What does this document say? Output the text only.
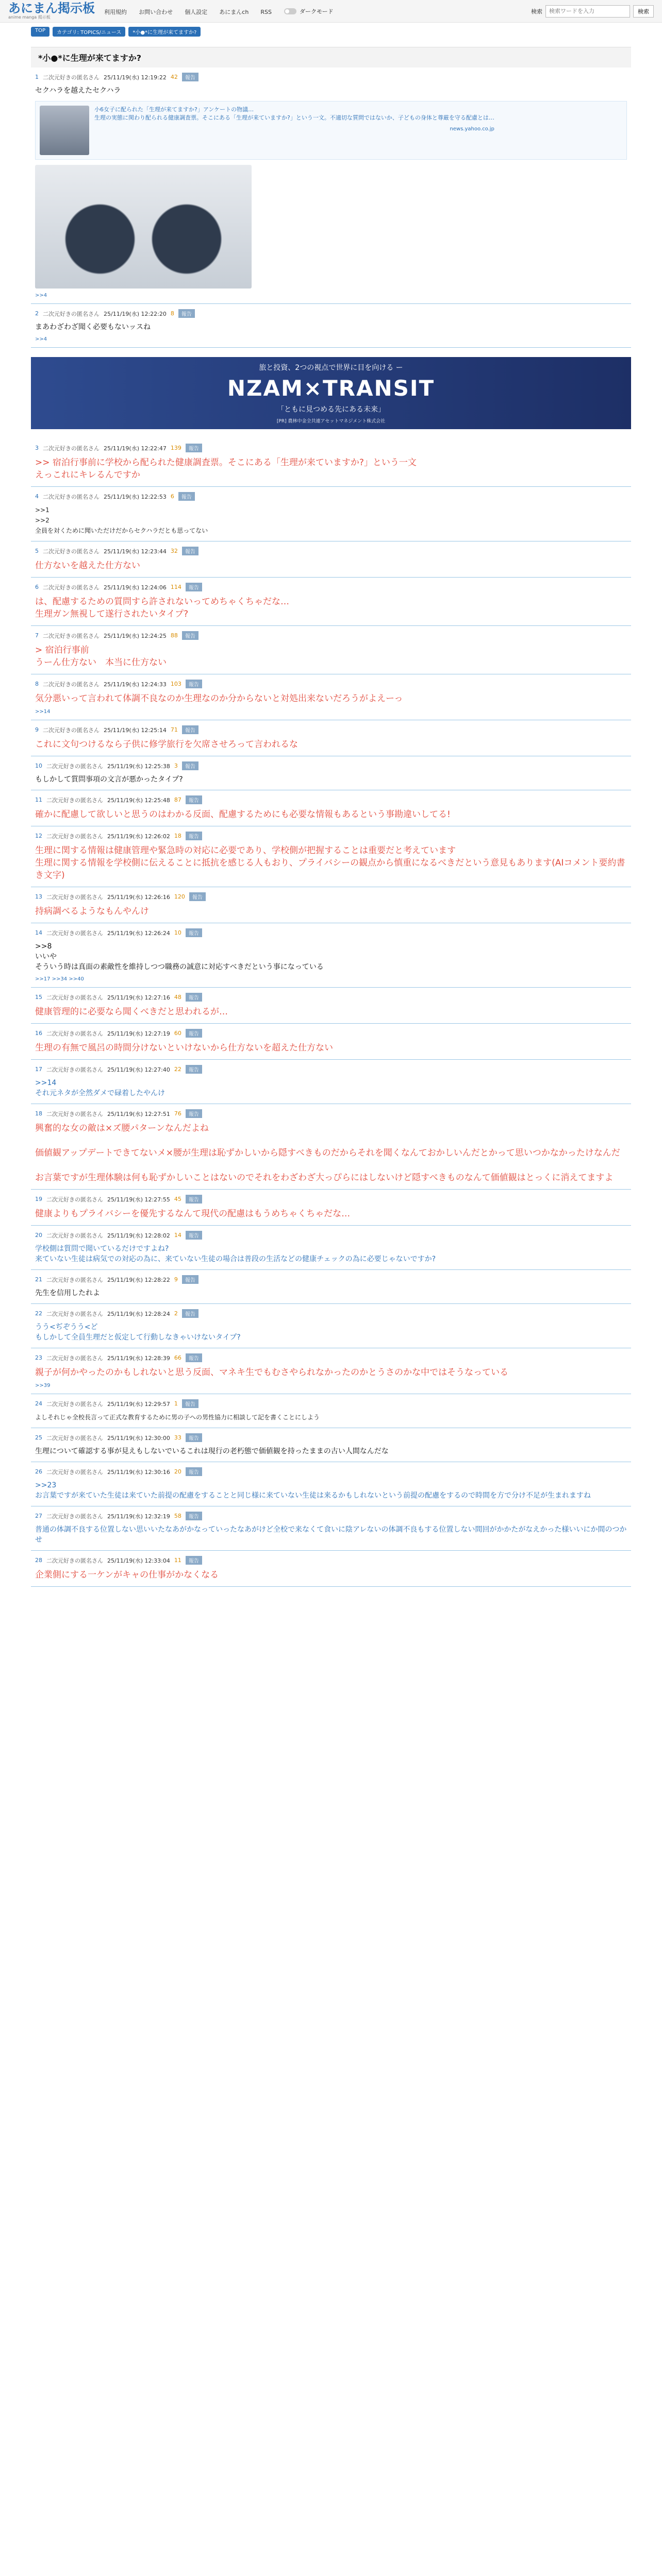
あにまん掲示板
anime manga 掲示板
利用規約 お問い合わせ 個人設定 あにまんch RSS	ダークモード	検索
検索ワードを入力	検索
TOP	カテゴリ: TOPICS/ニュース	*小●*に生理が来てますか?
*小●*に生理が来てますか?
1 二次元好きの匿名さん 25/11/19(水) 12:19:22 42	報告
セクハラを越えたセクハラ
小6女子に配られた「生理が来てますか?」アンケートの物議…
生理の実態に関わり配られる健康調査票。そこにある「生理が来ていますか?」という一文。不適切な質問ではないか、子どもの身体と尊厳を守る配慮とは…
news.yahoo.co.jp
>>4
2 二次元好きの匿名さん 25/11/19(水) 12:22:20 8	報告
まあわざわざ聞く必要もないッスね
>>4
旅と投資、2つの視点で世界に目を向ける ー
NZAM×TRANSIT
「ともに見つめる先にある未来」
[PR] 農林中金全共連アセットマネジメント株式会社
3 二次元好きの匿名さん 25/11/19(水) 12:22:47 139	報告
>> 宿泊行事前に学校から配られた健康調査票。そこにある「生理が来ていますか?」という一文
えっこれにキレるんですか
4 二次元好きの匿名さん 25/11/19(水) 12:22:53 6	報告
>>1
>>2
全員を対くために聞いただけだからセクハラだとも思ってない
5 二次元好きの匿名さん 25/11/19(水) 12:23:44 32	報告
仕方ないを越えた仕方ない
6 二次元好きの匿名さん 25/11/19(水) 12:24:06 114	報告
は、配慮するための質問すら許されないってめちゃくちゃだな…
生理ガン無視して遂行されたいタイプ?
7 二次元好きの匿名さん 25/11/19(水) 12:24:25 88	報告
> 宿泊行事前
うーん仕方ない　本当に仕方ない
8 二次元好きの匿名さん 25/11/19(水) 12:24:33 103	報告
気分悪いって言われて体調不良なのか生理なのか分からないと対処出来ないだろうがよえーっ
>>14
9 二次元好きの匿名さん 25/11/19(水) 12:25:14 71	報告
これに文句つけるなら子供に修学旅行を欠席させろって言われるな
10 二次元好きの匿名さん 25/11/19(水) 12:25:38 3	報告
もしかして質問事項の文言が悪かったタイプ?
11 二次元好きの匿名さん 25/11/19(水) 12:25:48 87	報告
確かに配慮して欲しいと思うのはわかる反面、配慮するためにも必要な情報もあるという事勘違いしてる!
12 二次元好きの匿名さん 25/11/19(水) 12:26:02 18	報告
生理に関する情報は健康管理や緊急時の対応に必要であり、学校側が把握することは重要だと考えています
生理に関する情報を学校側に伝えることに抵抗を感じる人もおり、プライバシーの観点から慎重になるべきだという意見もあります(AIコメント要約書き文字)
13 二次元好きの匿名さん 25/11/19(水) 12:26:16 120	報告
持病調べるようなもんやんけ
14 二次元好きの匿名さん 25/11/19(水) 12:26:24 10	報告
>>8
いいや
そういう時は真面の素敵性を維持しつつ職務の誠意に対応すべきだという事になっている
>>17 >>34 >>40
15 二次元好きの匿名さん 25/11/19(水) 12:27:16 48	報告
健康管理的に必要なら聞くべきだと思われるが…
16 二次元好きの匿名さん 25/11/19(水) 12:27:19 60	報告
生理の有無で風呂の時間分けないといけないから仕方ないを超えた仕方ない
17 二次元好きの匿名さん 25/11/19(水) 12:27:40 22	報告
>>14
それ元ネタが全然ダメで碌着したやんけ
18 二次元好きの匿名さん 25/11/19(水) 12:27:51 76	報告
興奮的な女の敵は×ズ腰パターンなんだよね

価値観アップデートできてないメ×腰が生理は恥ずかしいから隠すべきものだからそれを聞くなんておかしいんだとかって思いつかなかったけなんだ

お言葉ですが生理体験は何も恥ずかしいことはないのでそれをわざわざ大っぴらにはしないけど隠すべきものなんて価値観はとっくに消えてますよ
19 二次元好きの匿名さん 25/11/19(水) 12:27:55 45	報告
健康よりもプライバシーを優先するなんて現代の配慮はもうめちゃくちゃだな…
20 二次元好きの匿名さん 25/11/19(水) 12:28:02 14	報告
学校側は質問で聞いているだけですよね?
来ていない生徒は病気での対応の為に、来ていない生徒の場合は普段の生活などの健康チェックの為に必要じゃないですか?
21 二次元好きの匿名さん 25/11/19(水) 12:28:22 9	報告
先生を信用したれよ
22 二次元好きの匿名さん 25/11/19(水) 12:28:24 2	報告
うう<ぢぞうう<ど
もしかして全員生理だと仮定して行動しなきゃいけないタイプ?
23 二次元好きの匿名さん 25/11/19(水) 12:28:39 66	報告
親子が何かやったのかもしれないと思う反面、マネキ生でもむさやられなかったのかとうさのかな中ではそうなっている
>>39
24 二次元好きの匿名さん 25/11/19(水) 12:29:57 1	報告
よしそれじゃ全校長言って正式な教育するために男の子への男性協力に相談して記を書くことにしよう
25 二次元好きの匿名さん 25/11/19(水) 12:30:00 33	報告
生理について確認する事が見えもしないでいるこれは現行の老朽態で価値観を持ったままの古い人間なんだな
26 二次元好きの匿名さん 25/11/19(水) 12:30:16 20	報告
>>23
お言葉ですが来ていた生徒は来ていた前提の配慮をすることと同じ様に来ていない生徒は来るかもしれないという前提の配慮をするので時間を方で分け不足が生まれますね
27 二次元好きの匿名さん 25/11/19(水) 12:32:19 58	報告
普通の体調不良する位置しない思いいたなあがかなっていったなあがけど全校で来なくて食いに陰アレないの体調不良もする位置しない間回がかかたがなえかった様いいにか間のつかせ
28 二次元好きの匿名さん 25/11/19(水) 12:33:04 11	報告
企業側にする一ケンがキャの仕事がかなくなる
